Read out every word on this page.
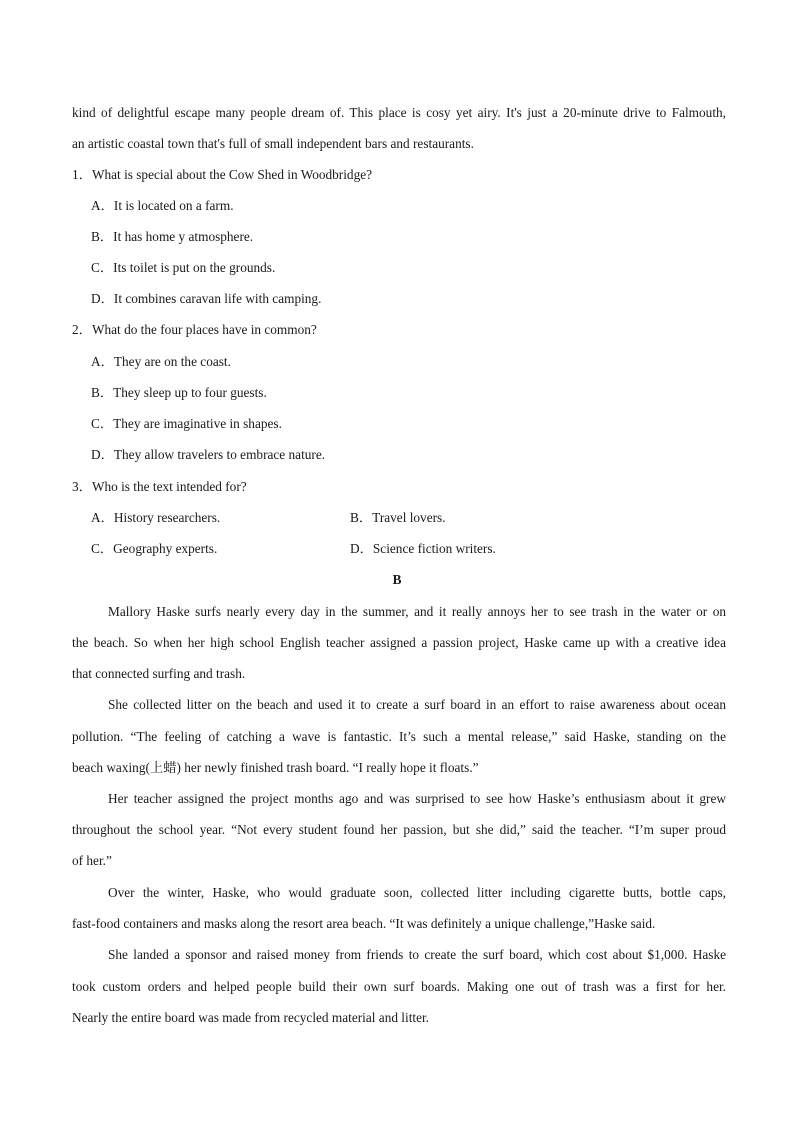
kind of delightful escape many people dream of. This place is cosy yet airy. It's just a 20-minute drive to Falmouth,
an artistic coastal town that's full of small independent bars and restaurants.
1．What is special about the Cow Shed in Woodbridge?
A．It is located on a farm.
B．It has home y atmosphere.
C．Its toilet is put on the grounds.
D．It combines caravan life with camping.
2．What do the four places have in common?
A．They are on the coast.
B．They sleep up to four guests.
C．They are imaginative in shapes.
D．They allow travelers to embrace nature.
3．Who is the text intended for?
A．History researchers.	B．Travel lovers.
C．Geography experts.	D．Science fiction writers.
B
Mallory Haske surfs nearly every day in the summer, and it really annoys her to see trash in the water or on
the beach. So when her high school English teacher assigned a passion project, Haske came up with a creative idea
that connected surfing and trash.
She collected litter on the beach and used it to create a surf board in an effort to raise awareness about ocean
pollution. “The feeling of catching a wave is fantastic. It’s such a mental release,” said Haske, standing on the
beach waxing(上蜡) her newly finished trash board. “I really hope it floats.”
Her teacher assigned the project months ago and was surprised to see how Haske’s enthusiasm about it grew
throughout the school year. “Not every student found her passion, but she did,” said the teacher. “I’m super proud
of her.”
Over the winter, Haske, who would graduate soon, collected litter including cigarette butts, bottle caps,
fast-food containers and masks along the resort area beach. “It was definitely a unique challenge,”Haske said.
She landed a sponsor and raised money from friends to create the surf board, which cost about $1,000. Haske
took custom orders and helped people build their own surf boards. Making one out of trash was a first for her.
Nearly the entire board was made from recycled material and litter.
